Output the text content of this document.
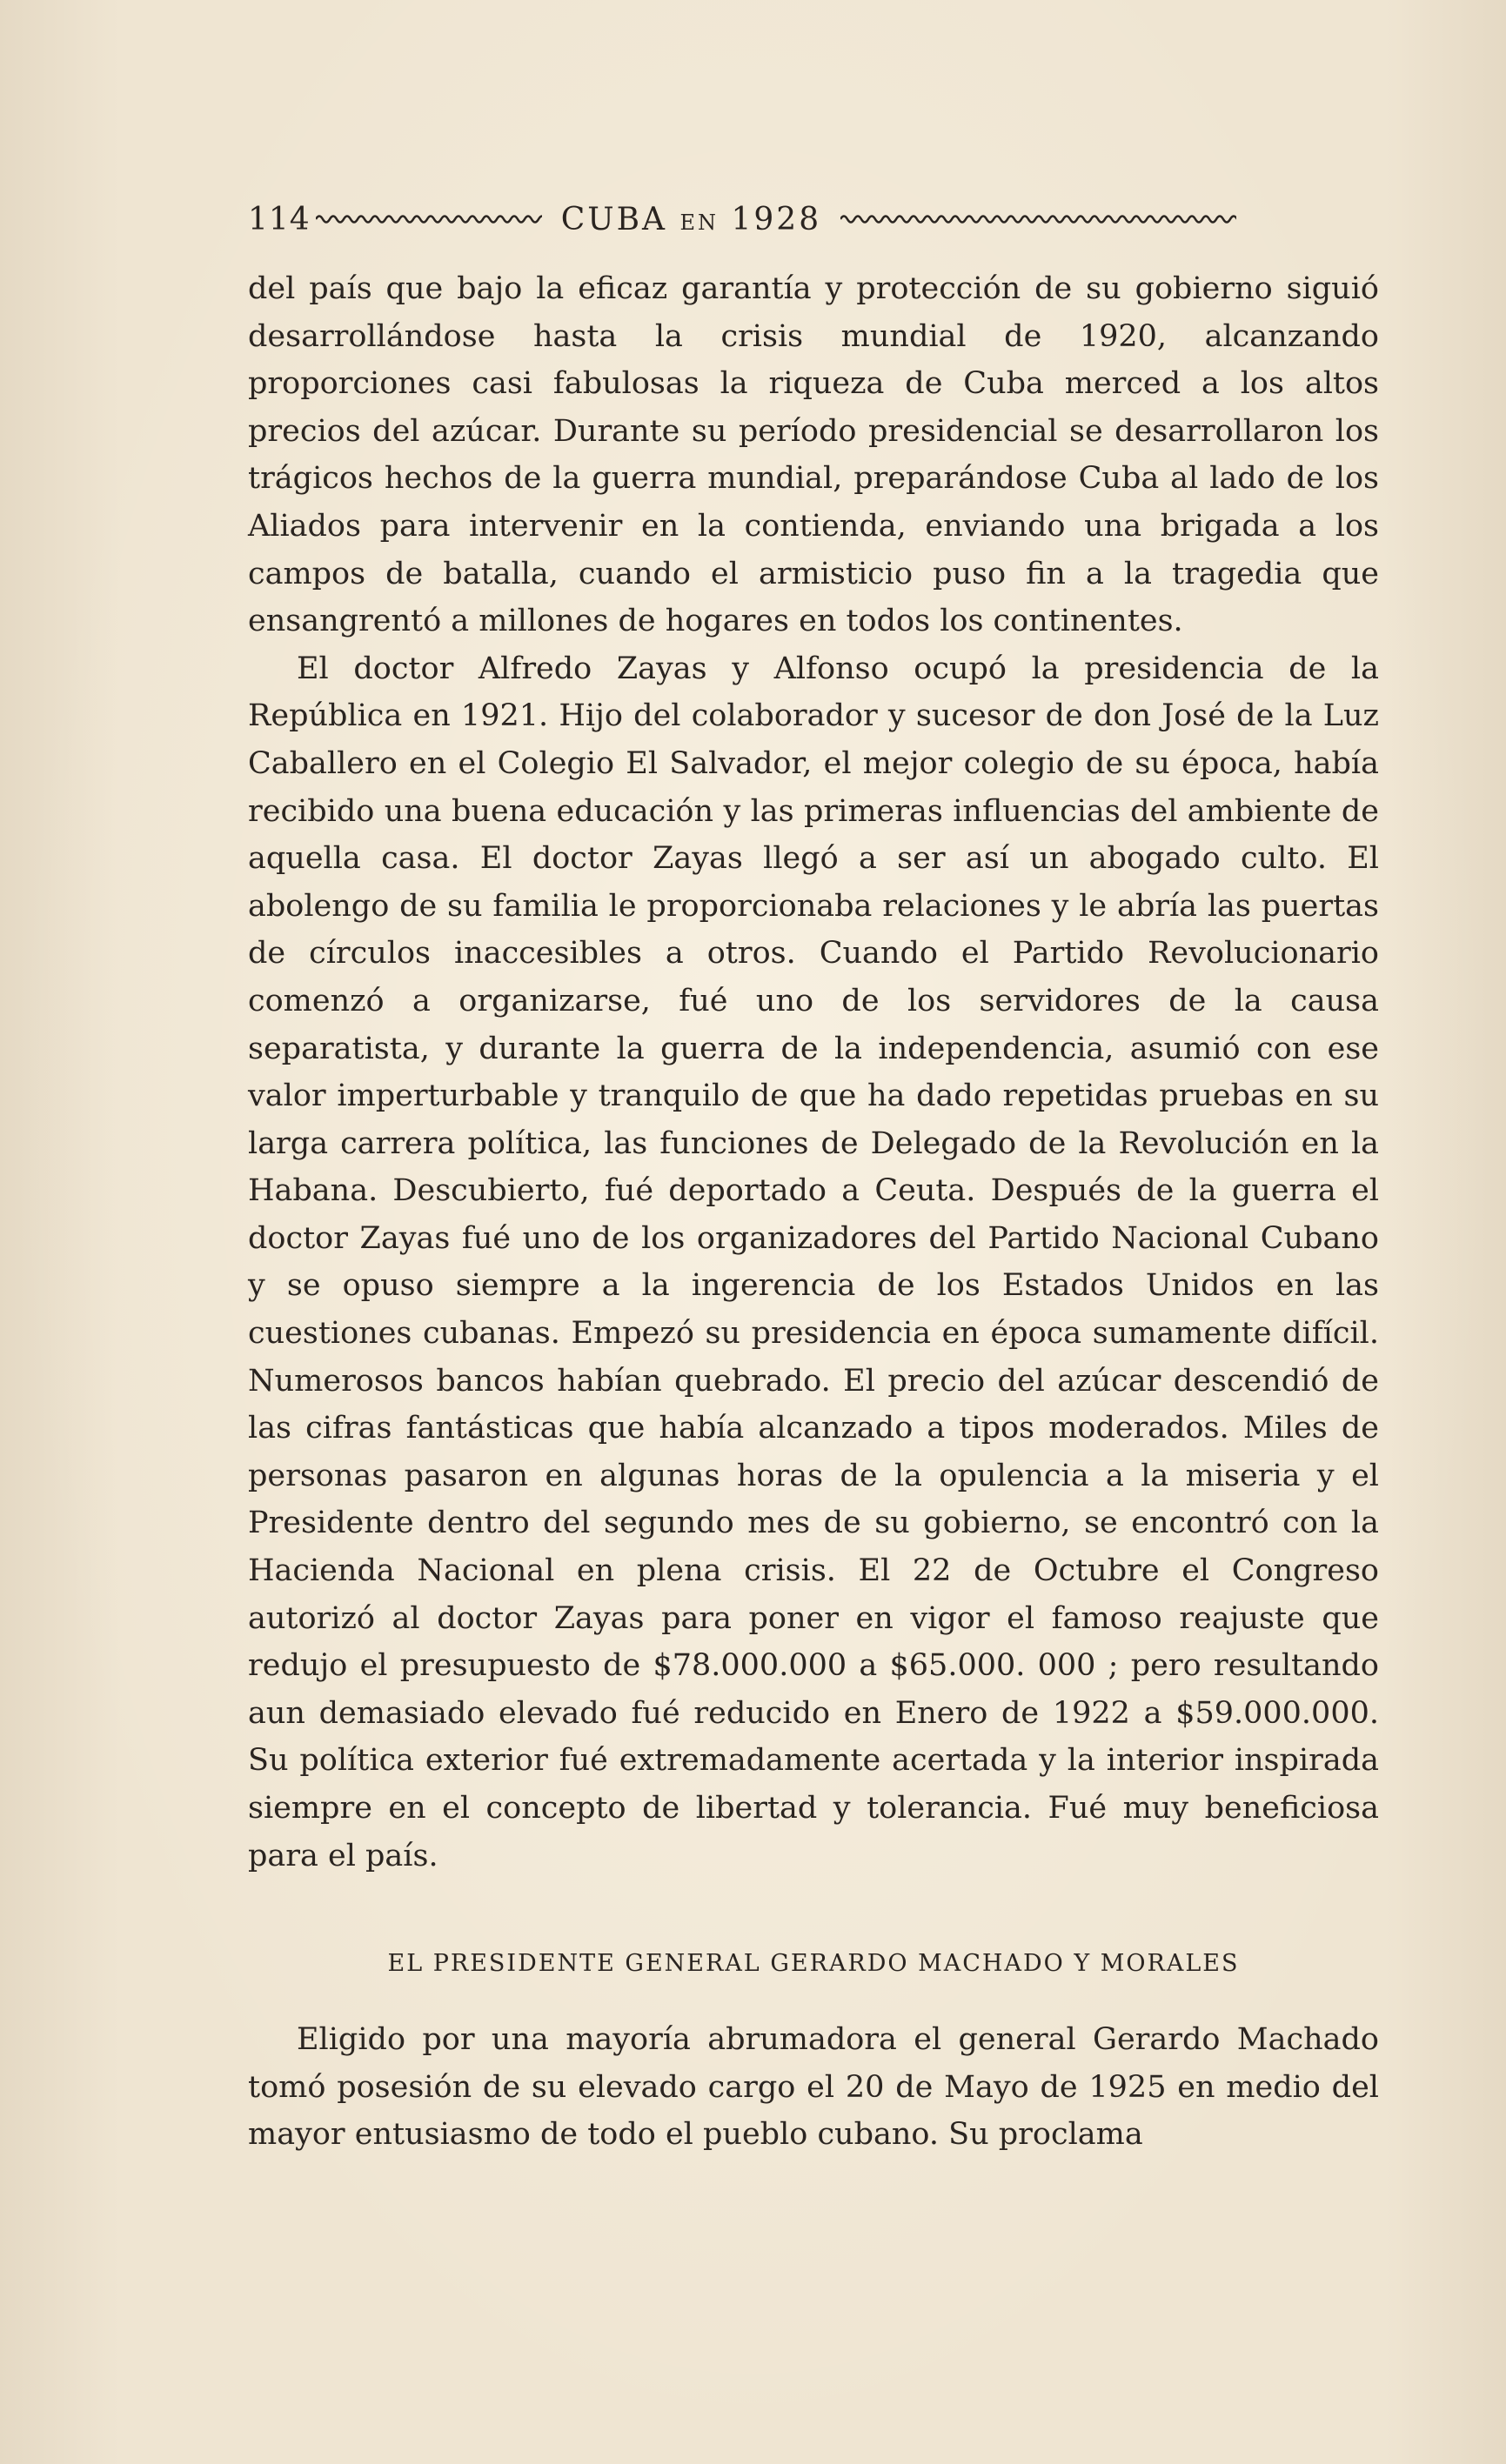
114	CUBA EN 1928

del país que bajo la eficaz garantía y protección de su gobierno siguió desarrollándose hasta la crisis mundial de 1920, alcanzando proporciones casi fabulosas la riqueza de Cuba merced a los altos precios del azúcar. Durante su período presidencial se desarrollaron los trágicos hechos de la guerra mundial, preparándose Cuba al lado de los Aliados para intervenir en la contienda, enviando una brigada a los campos de batalla, cuando el armisticio puso fin a la tragedia que ensangrentó a millones de hogares en todos los continentes.

El doctor Alfredo Zayas y Alfonso ocupó la presidencia de la República en 1921. Hijo del colaborador y sucesor de don José de la Luz Caballero en el Colegio El Salvador, el mejor colegio de su época, había recibido una buena educación y las primeras influencias del ambiente de aquella casa. El doctor Zayas llegó a ser así un abogado culto. El abolengo de su familia le proporcionaba relaciones y le abría las puertas de círculos inaccesibles a otros. Cuando el Partido Revolucionario comenzó a organizarse, fué uno de los servidores de la causa separatista, y durante la guerra de la independencia, asumió con ese valor imperturbable y tranquilo de que ha dado repetidas pruebas en su larga carrera política, las funciones de Delegado de la Revolución en la Habana. Descubierto, fué deportado a Ceuta. Después de la guerra el doctor Zayas fué uno de los organizadores del Partido Nacional Cubano y se opuso siempre a la ingerencia de los Estados Unidos en las cuestiones cubanas. Empezó su presidencia en época sumamente difícil. Numerosos bancos habían quebrado. El precio del azúcar descendió de las cifras fantásticas que había alcanzado a tipos moderados. Miles de personas pasaron en algunas horas de la opulencia a la miseria y el Presidente dentro del segundo mes de su gobierno, se encontró con la Hacienda Nacional en plena crisis. El 22 de Octubre el Congreso autorizó al doctor Zayas para poner en vigor el famoso reajuste que redujo el presupuesto de $78.000.000 a $65.000. 000 ; pero resultando aun demasiado elevado fué reducido en Enero de 1922 a $59.000.000. Su política exterior fué extremadamente acertada y la interior inspirada siempre en el concepto de libertad y tolerancia. Fué muy beneficiosa para el país.

EL PRESIDENTE GENERAL GERARDO MACHADO Y MORALES

Eligido por una mayoría abrumadora el general Gerardo Machado tomó posesión de su elevado cargo el 20 de Mayo de 1925 en medio del mayor entusiasmo de todo el pueblo cubano. Su proclama
